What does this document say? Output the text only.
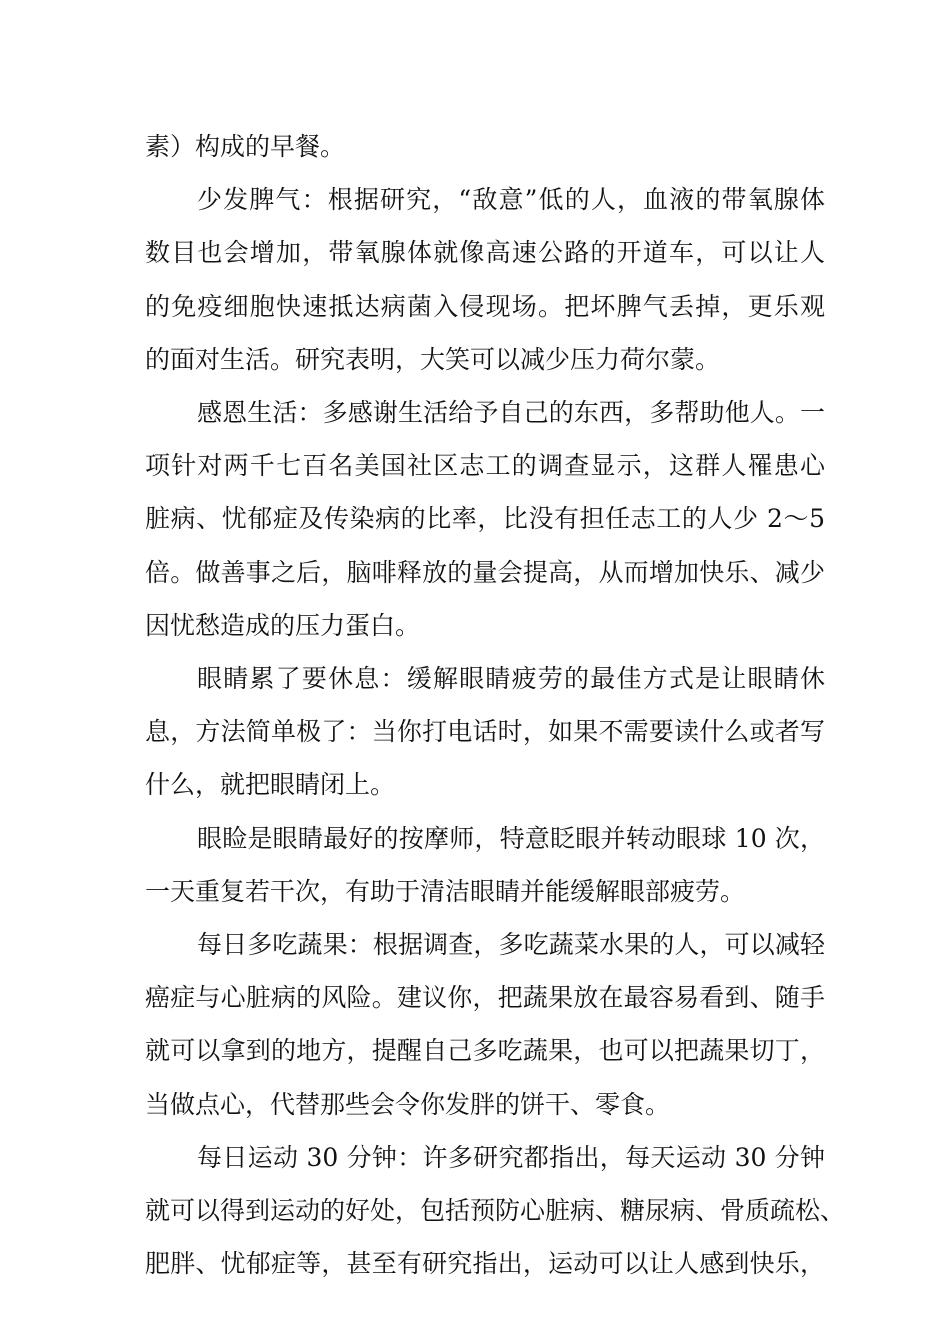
素）构成的早餐。

少发脾气：根据研究，“敌意”低的人，血液的带氧腺体
数目也会增加，带氧腺体就像高速公路的开道车，可以让人
的免疫细胞快速抵达病菌入侵现场。把坏脾气丢掉，更乐观
的面对生活。研究表明，大笑可以减少压力荷尔蒙。

感恩生活：多感谢生活给予自己的东西，多帮助他人。一
项针对两千七百名美国社区志工的调查显示，这群人罹患心
脏病、忧郁症及传染病的比率，比没有担任志工的人少 2～5
倍。做善事之后，脑啡释放的量会提高，从而增加快乐、减少
因忧愁造成的压力蛋白。

眼睛累了要休息：缓解眼睛疲劳的最佳方式是让眼睛休
息，方法简单极了：当你打电话时，如果不需要读什么或者写
什么，就把眼睛闭上。

眼睑是眼睛最好的按摩师，特意眨眼并转动眼球 10 次，
一天重复若干次，有助于清洁眼睛并能缓解眼部疲劳。

每日多吃蔬果：根据调查，多吃蔬菜水果的人，可以减轻
癌症与心脏病的风险。建议你，把蔬果放在最容易看到、随手
就可以拿到的地方，提醒自己多吃蔬果，也可以把蔬果切丁，
当做点心，代替那些会令你发胖的饼干、零食。

每日运动 30 分钟：许多研究都指出，每天运动 30 分钟
就可以得到运动的好处，包括预防心脏病、糖尿病、骨质疏松、
肥胖、忧郁症等，甚至有研究指出，运动可以让人感到快乐，
